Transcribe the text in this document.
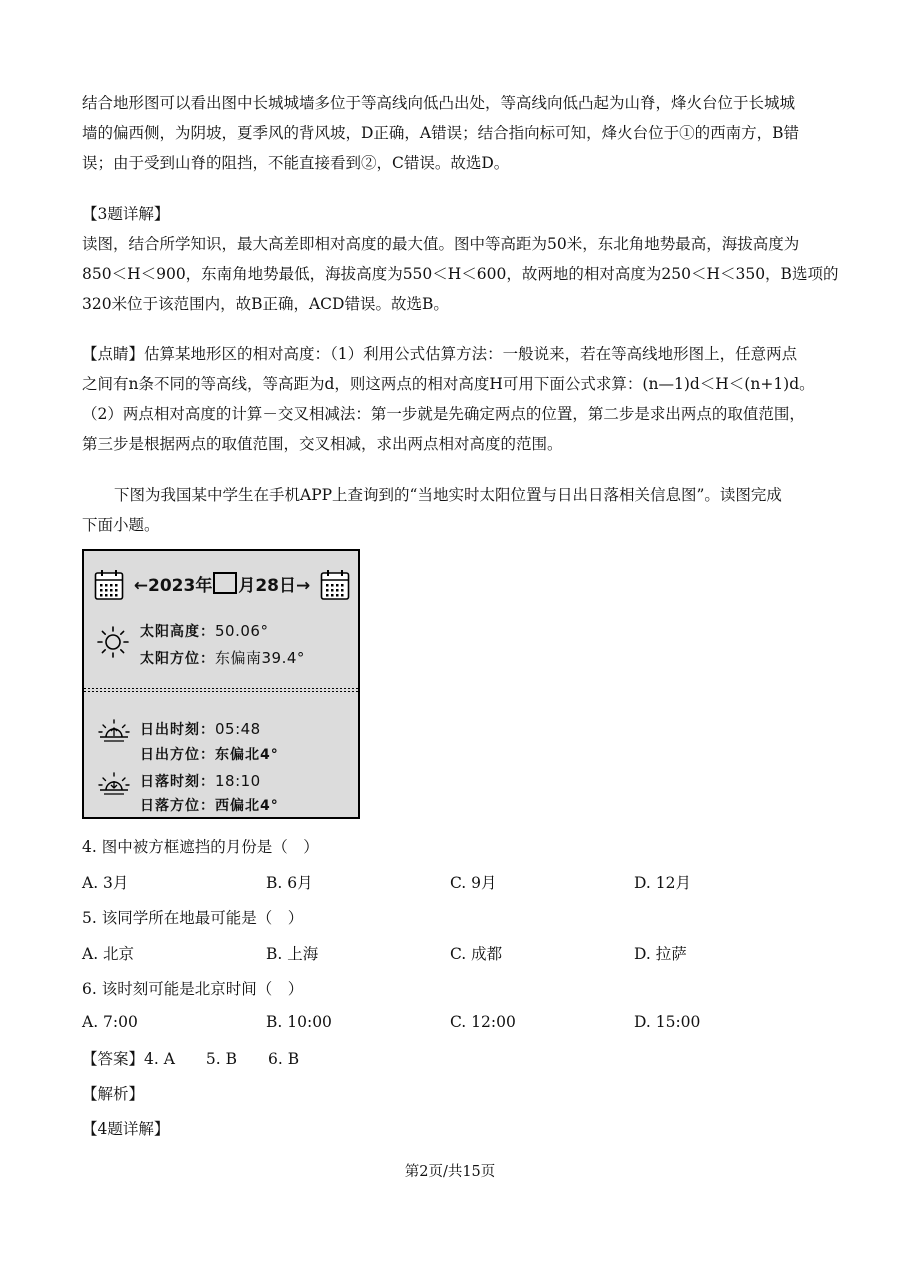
结合地形图可以看出图中长城城墙多位于等高线向低凸出处，等高线向低凸起为山脊，烽火台位于长城城
墙的偏西侧，为阴坡，夏季风的背风坡，D正确，A错误；结合指向标可知，烽火台位于①的西南方，B错
误；由于受到山脊的阻挡，不能直接看到②，C错误。故选D。
【3题详解】
读图，结合所学知识，最大高差即相对高度的最大值。图中等高距为50米，东北角地势最高，海拔高度为
850＜H＜900，东南角地势最低，海拔高度为550＜H＜600，故两地的相对高度为250＜H＜350，B选项的
320米位于该范围内，故B正确，ACD错误。故选B。
【点睛】估算某地形区的相对高度：（1）利用公式估算方法：一般说来，若在等高线地形图上，任意两点
之间有n条不同的等高线，等高距为d，则这两点的相对高度H可用下面公式求算：(n—1)d＜H＜(n+1)d。
（2）两点相对高度的计算－交叉相减法：第一步就是先确定两点的位置，第二步是求出两点的取值范围，
第三步是根据两点的取值范围，交叉相减，求出两点相对高度的范围。
下图为我国某中学生在手机APP上查询到的“当地实时太阳位置与日出日落相关信息图”。读图完成
下面小题。
←2023年 月28日→
太阳高度：50.06°
太阳方位：东偏南39.4°
日出时刻：05:48
日出方位：东偏北4°
日落时刻：18:10
日落方位：西偏北4°
4. 图中被方框遮挡的月份是（　）
A. 3月	B. 6月	C. 9月	D. 12月
5. 该同学所在地最可能是（　）
A. 北京	B. 上海	C. 成都	D. 拉萨
6. 该时刻可能是北京时间（　）
A. 7:00	B. 10:00	C. 12:00	D. 15:00
【答案】4. A　　5. B　　6. B
【解析】
【4题详解】
第2页/共15页
